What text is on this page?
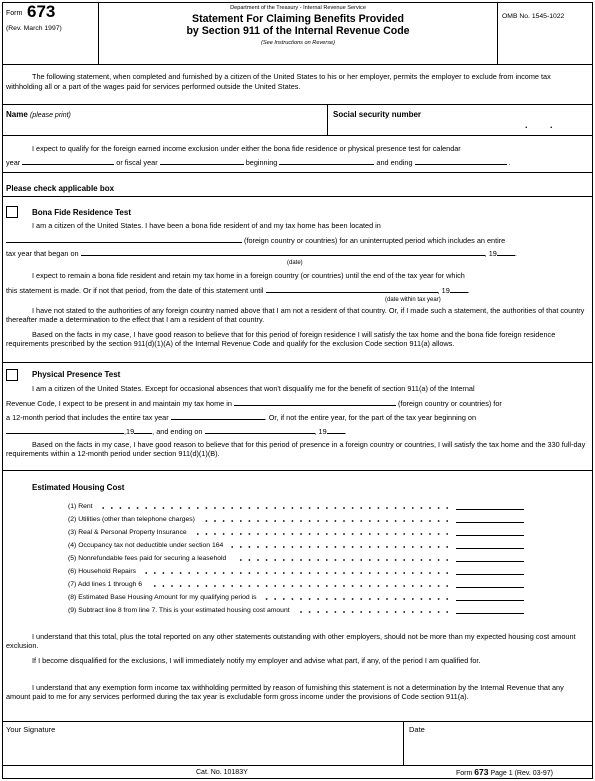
Form 673
(Rev. March 1997)
Department of the Treasury - Internal Revenue Service
Statement For Claiming Benefits Provided
by Section 911 of the Internal Revenue Code
(See Instructions on Reverse)
OMB No. 1545-1022
The following statement, when completed and furnished by a citizen of the United States to his or her employer, permits the employer to exclude from income tax withholding all or a part of the wages paid for services performed outside the United States.
Name (please print)	Social security number
. .
I expect to qualify for the foreign earned income exclusion under either the bona fide residence or physical presence test for calendar
year	or fiscal year	beginning	and ending	.
Please check applicable box
Bona Fide Residence Test
I am a citizen of the United States. I have been a bona fide resident of and my tax home has been located in
(foreign country or countries) for an uninterrupted period which includes an entire
tax year that began on	, 19 .
(date)
I expect to remain a bona fide resident and retain my tax home in a foreign country (or countries) until the end of the tax year for which
this statement is made. Or if not that period, from the date of this statement until	, 19 .
(date within tax year)
I have not stated to the authorities of any foreign country named above that I am not a resident of that country. Or, if I made such a statement, the authorities of that country thereafter made a determination to the effect that I am a resident of that country.
Based on the facts in my case, I have good reason to believe that for this period of foreign residence I will satisfy the tax home and the bona fide foreign residence requirements prescribed by the section 911(d)(1)(A) of the Internal Revenue Code and qualify for the exclusion Code section 911(a) allows.
Physical Presence Test
I am a citizen of the United States. Except for occasional absences that won't disqualify me for the benefit of section 911(a) of the Internal
Revenue Code, I expect to be present in and maintain my tax home in	(foreign country or countries) for
a 12-month period that includes the entire tax year	. Or, if not the entire year, for the part of the tax year beginning on
,19 , and ending on	, 19 .
Based on the facts in my case, I have good reason to believe that for this period of presence in a foreign country or countries, I will satisfy the tax home and the 330 full-day requirements within a 12-month period under section 911(d)(1)(B).
Estimated Housing Cost
(1) Rent
(2) Utilities (other than telephone charges)
(3) Real & Personal Property Insurance
(4) Occupancy tax not deductible under section 164
(5) Nonrefundable fees paid for securing a leasehold
(6) Household Repairs
(7) Add lines 1 through 6
(8) Estimated Base Housing Amount for my qualifying period is
(9) Subtract line 8 from line 7. This is your estimated housing cost amount
I understand that this total, plus the total reported on any other statements outstanding with other employers, should not be more than my expected housing cost amount exclusion.
If I become disqualified for the exclusions, I will immediately notify my employer and advise what part, if any, of the period I am qualified for.
I understand that any exemption form income tax withholding permitted by reason of furnishing this statement is not a determination by the Internal Revenue that any amount paid to me for any services performed during the tax year is excludable form gross income under the provisions of Code section 911(a).
Your Signature	Date
Cat. No. 10183Y	Form 673 Page 1 (Rev. 03-97)
